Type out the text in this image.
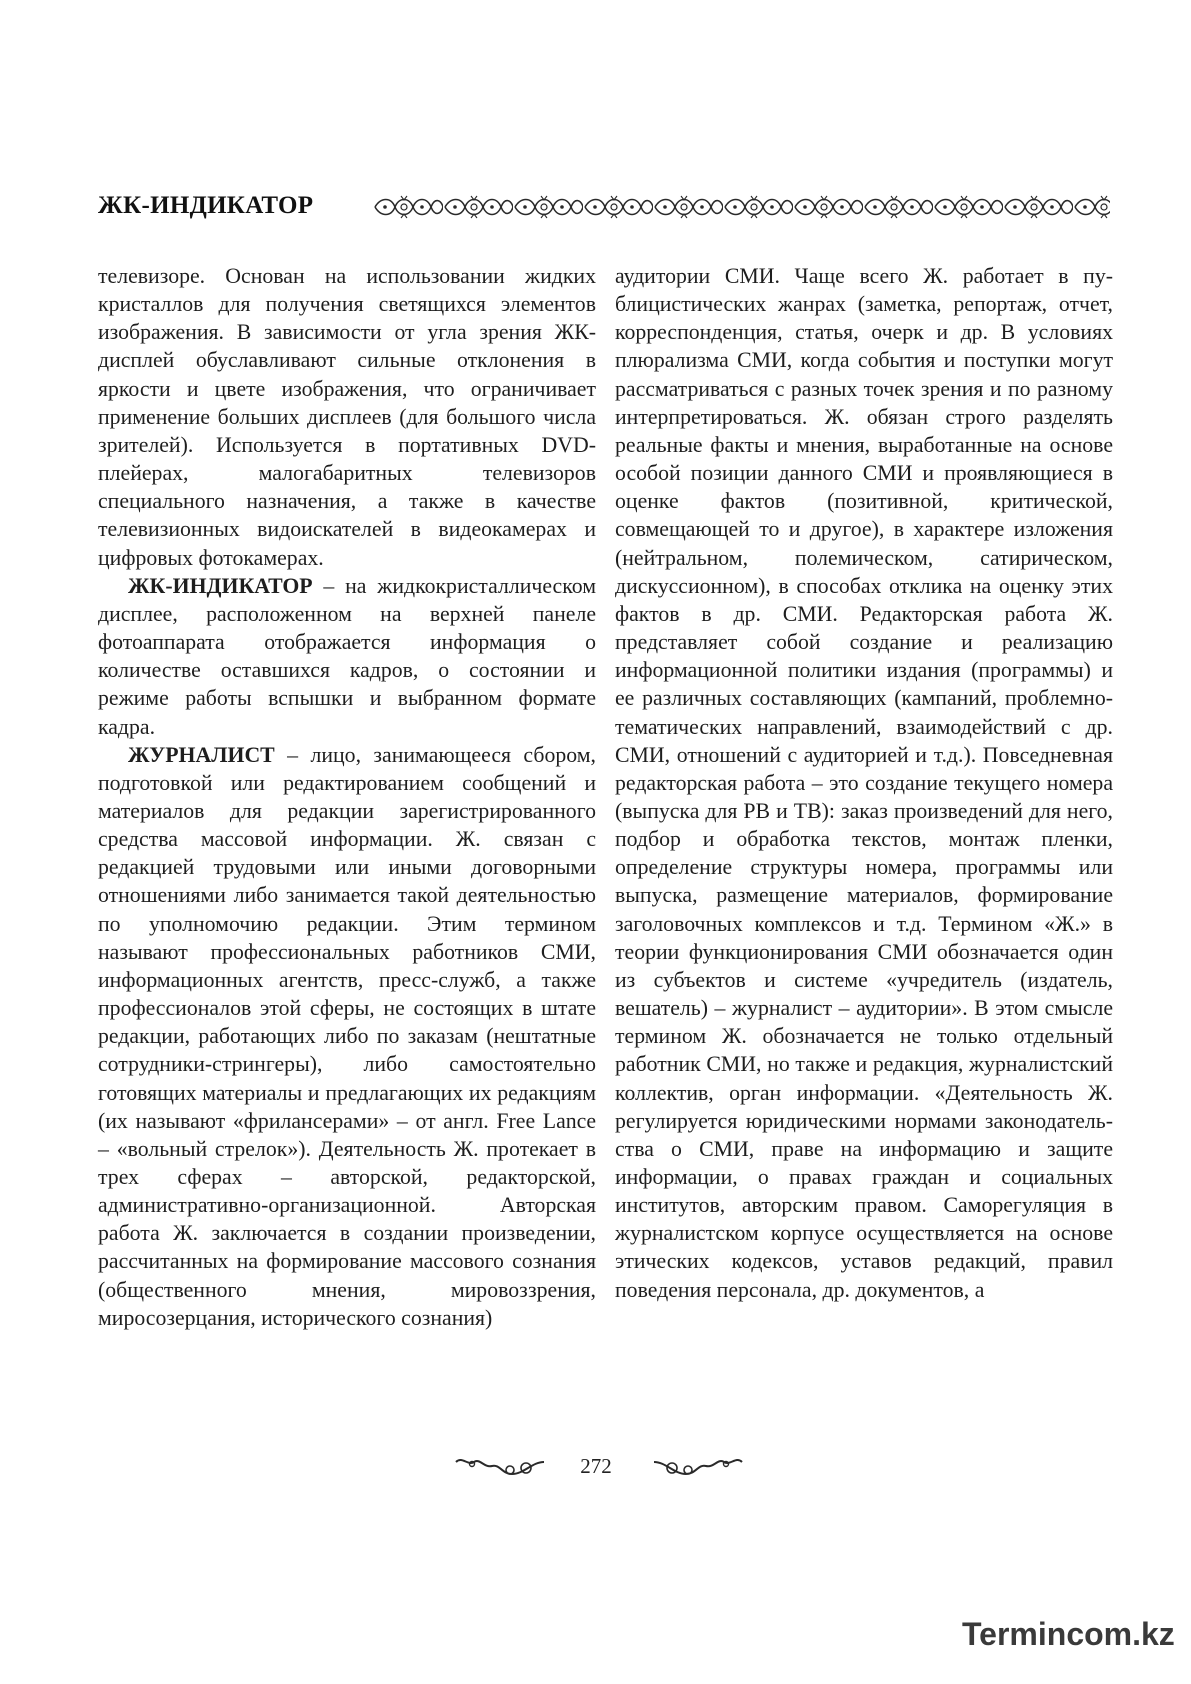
ЖК-ИНДИКАТОР

телевизоре. Основан на использовании жидких кристаллов для получения светящихся элементов изображения. В зависимости от угла зрения ЖК-дисплей обуславливают сильные отклонения в яркости и цвете изображения, что ограничивает применение больших дисплеев (для большого числа зрителей). Используется в портативных DVD-плейерах, малогабаритных телевизоров специального назначения, а также в качестве телевизионных видоискателей в видеокамерах и цифровых фотокамерах.

ЖК-ИНДИКАТОР – на жидкокристаллическом дисплее, расположенном на верхней панеле фотоаппарата отображается информация о количестве оставшихся кадров, о состоянии и режиме работы вспышки и выбранном формате кадра.

ЖУРНАЛИСТ – лицо, занимающееся сбором, подготовкой или редактированием сообщений и материалов для редакции зарегистрированного средства массовой информации. Ж. связан с редакцией трудовыми или иными договорными отношениями либо занимается такой деятельностью по уполномочию редакции. Этим термином называют профессиональных работников СМИ, информационных агентств, пресс-служб, а также профессионалов этой сферы, не состоящих в штате редакции, работающих либо по заказам (нештатные сотрудники-стрингеры), либо самостоятельно готовящих материалы и предлагающих их редакциям (их называют «фрилансерами» – от англ. Free Lance – «вольный стрелок»). Деятельность Ж. протекает в трех сферах – авторской, редакторской, административно-организационной. Авторская работа Ж. заключается в создании произведении, рассчитанных на формирование массового сознания (общественного мнения, мировоззрения, миросозерцания, исторического сознания)

аудитории СМИ. Чаще всего Ж. работает в публицистических жанрах (заметка, репортаж, отчет, корреспонденция, статья, очерк и др. В условиях плюрализма СМИ, когда события и поступки могут рассматриваться с разных точек зрения и по разному интерпретироваться. Ж. обязан строго разделять реальные факты и мнения, выработанные на основе особой позиции данного СМИ и проявляющиеся в оценке фактов (позитивной, критической, совмещающей то и другое), в характере изложения (нейтральном, полемическом, сатирическом, дискуссионном), в способах отклика на оценку этих фактов в др. СМИ. Редакторская работа Ж. представляет собой создание и реализацию информационной политики издания (программы) и ее различных составляющих (кампаний, проблемно-тематических направлений, взаимодействий с др. СМИ, отношений с аудиторией и т.д.). Повседневная редакторская работа – это создание текущего номера (выпуска для РВ и ТВ): заказ произведений для него, подбор и обработка текстов, монтаж пленки, определение структуры номера, программы или выпуска, размещение материалов, формирование заголовочных комплексов и т.д. Термином «Ж.» в теории функционирования СМИ обозначается один из субъектов и системе «учредитель (издатель, вешатель) – журналист – аудитории». В этом смысле термином Ж. обозначается не только отдельный работник СМИ, но также и редакция, журналистский коллектив, орган информации. «Деятельность Ж. регулируется юридическими нормами законодательства о СМИ, праве на информацию и защите информации, о правах граждан и социальных институтов, авторским правом. Саморегуляция в журналистском корпусе осуществляется на основе этических кодексов, уставов редакций, правил поведения персонала, др. документов, а

272
Termincom.kz
